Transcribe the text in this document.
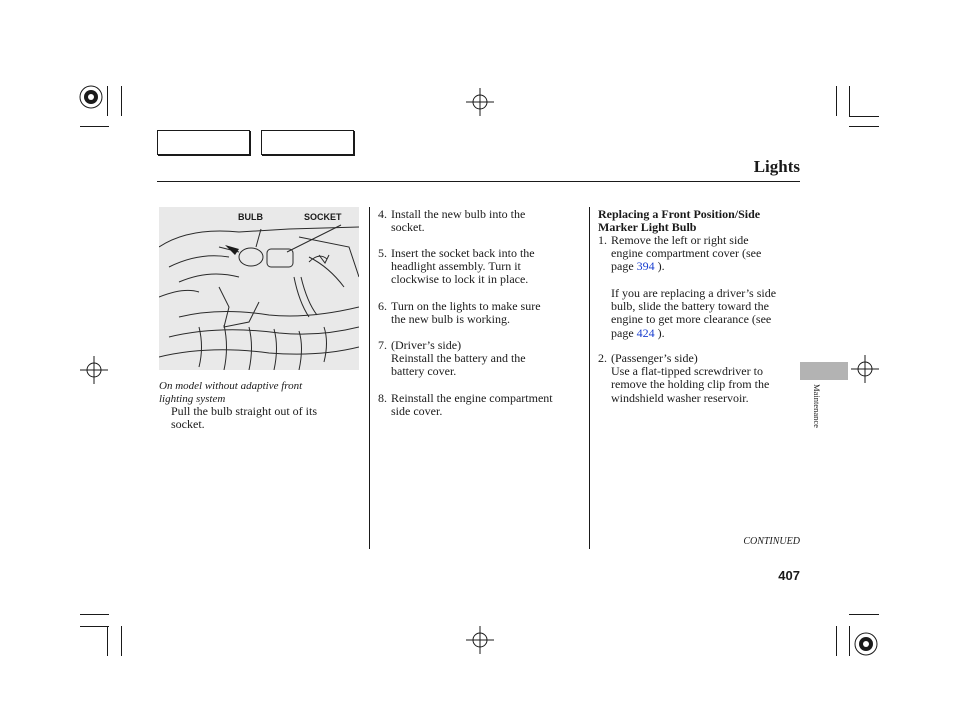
Lights
BULB	SOCKET
On model without adaptive front
lighting system
Pull the bulb straight out of its
socket.
4. Install the new bulb into the
socket.
5. Insert the socket back into the
headlight assembly. Turn it
clockwise to lock it in place.
6. Turn on the lights to make sure
the new bulb is working.
7. (Driver’s side)
Reinstall the battery and the
battery cover.
8. Reinstall the engine compartment
side cover.
Replacing a Front Position/Side
Marker Light Bulb
1. Remove the left or right side
engine compartment cover (see
page 394 ).
If you are replacing a driver’s side
bulb, slide the battery toward the
engine to get more clearance (see
page 424 ).
2. (Passenger’s side)
Use a flat-tipped screwdriver to
remove the holding clip from the
windshield washer reservoir.	Maintenance
CONTINUED
407
